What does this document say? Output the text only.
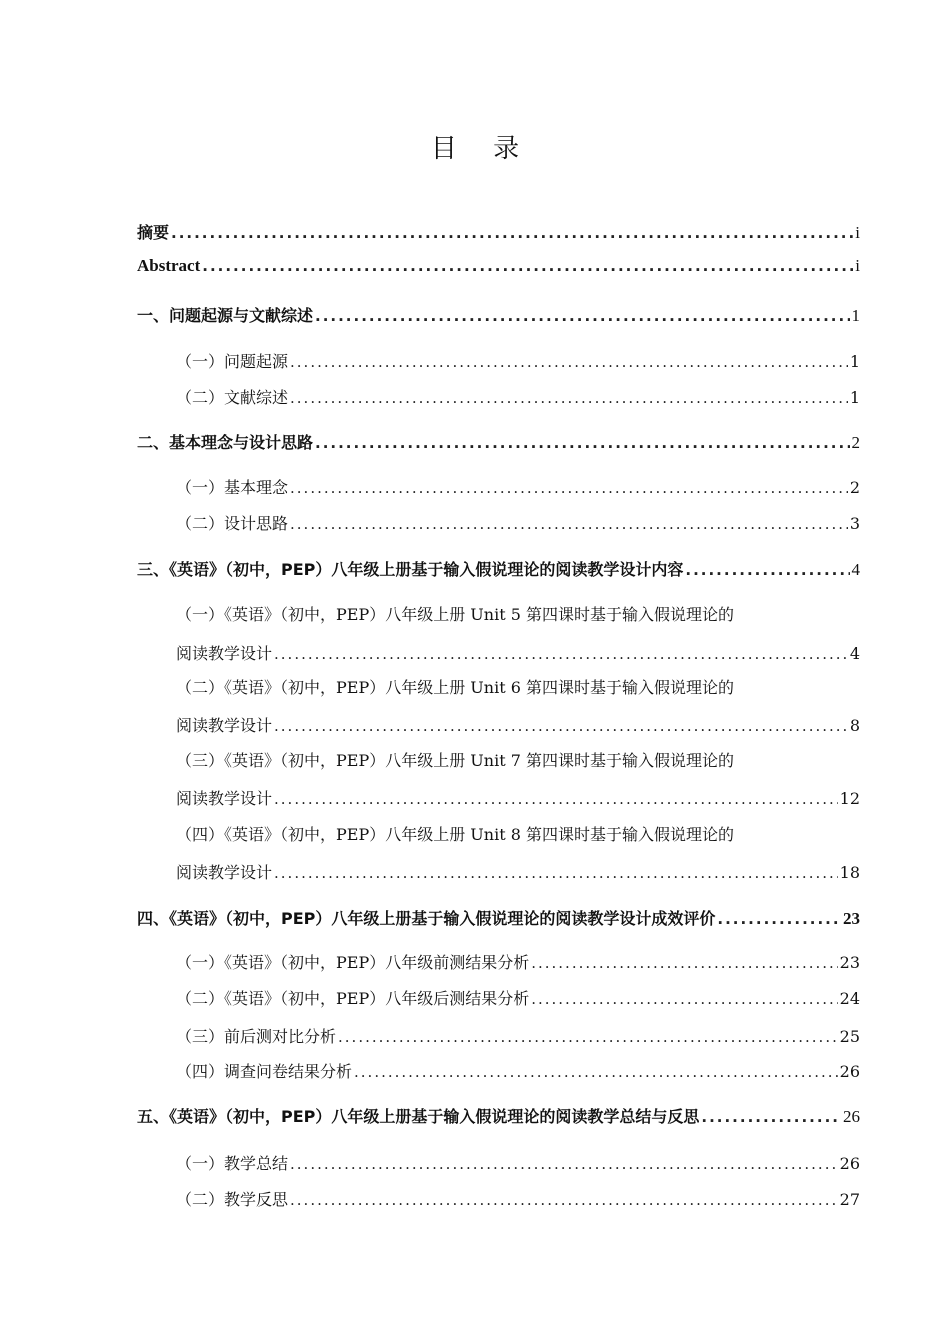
目 录
摘要 .....	i
Abstract .....	i
一、问题起源与文献综述 .....	1
（一）问题起源 .....	1
（二）文献综述 .....	1
二、基本理念与设计思路 .....	2
（一）基本理念 .....	2
（二）设计思路 .....	3
三、《英语》（初中，PEP）八年级上册基于输入假说理论的阅读教学设计内容 .....	4
（一）《英语》（初中，PEP）八年级上册 Unit 5 第四课时基于输入假说理论的
阅读教学设计 .....	4
（二）《英语》（初中，PEP）八年级上册 Unit 6 第四课时基于输入假说理论的
阅读教学设计 .....	8
（三）《英语》（初中，PEP）八年级上册 Unit 7 第四课时基于输入假说理论的
阅读教学设计 .....	12
（四）《英语》（初中，PEP）八年级上册 Unit 8 第四课时基于输入假说理论的
阅读教学设计 .....	18
四、《英语》（初中，PEP）八年级上册基于输入假说理论的阅读教学设计成效评价 .....	23
（一）《英语》（初中，PEP）八年级前测结果分析 .....	23
（二）《英语》（初中，PEP）八年级后测结果分析 .....	24
（三）前后测对比分析 .....	25
（四）调查问卷结果分析 .....	26
五、《英语》（初中，PEP）八年级上册基于输入假说理论的阅读教学总结与反思 .....	26
（一）教学总结 .....	26
（二）教学反思 .....	27
